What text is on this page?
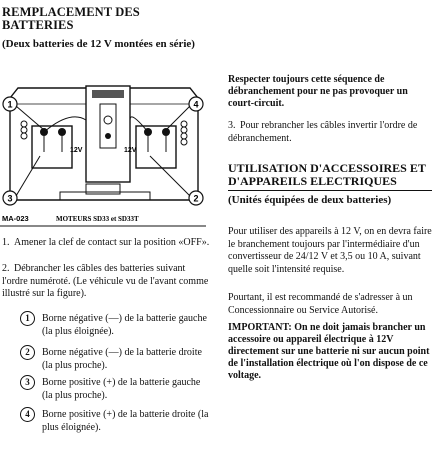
REMPLACEMENT DES BATTERIES
(Deux batteries de 12 V montées en série)
12V	12V
1	4
3	2
MA-023	MOTEURS SD33 et SD33T
1. Amener la clef de contact sur la position «OFF».
2. Débrancher les câbles des batteries suivant l'ordre numéroté. (Le véhicule vu de l'avant comme illustré sur la figure).
1	Borne négative (—) de la batterie gauche (la plus éloignée).
2	Borne négative (—) de la batterie droite (la plus proche).
3	Borne positive (+) de la batterie gauche (la plus proche).
4	Borne positive (+) de la batterie droite (la plus éloignée).
Respecter toujours cette séquence de débranchement pour ne pas provoquer un court-circuit.
3. Pour rebrancher les câbles invertir l'ordre de débranchement.
UTILISATION D'ACCESSOIRES ET D'APPAREILS ELECTRIQUES
(Unités équipées de deux batteries)
Pour utiliser des appareils à 12 V, on en devra faire le branchement toujours par l'intermédiaire d'un convertisseur de 24/12 V et 3,5 ou 10 A, suivant quelle soit l'intensité requise.
Pourtant, il est recommandé de s'adresser à un Concessionnaire ou Service Autorisé.
IMPORTANT: On ne doit jamais brancher un accessoire ou appareil électrique à 12V directement sur une batterie ni sur aucun point de l'installation électrique où l'on dispose de ce voltage.
